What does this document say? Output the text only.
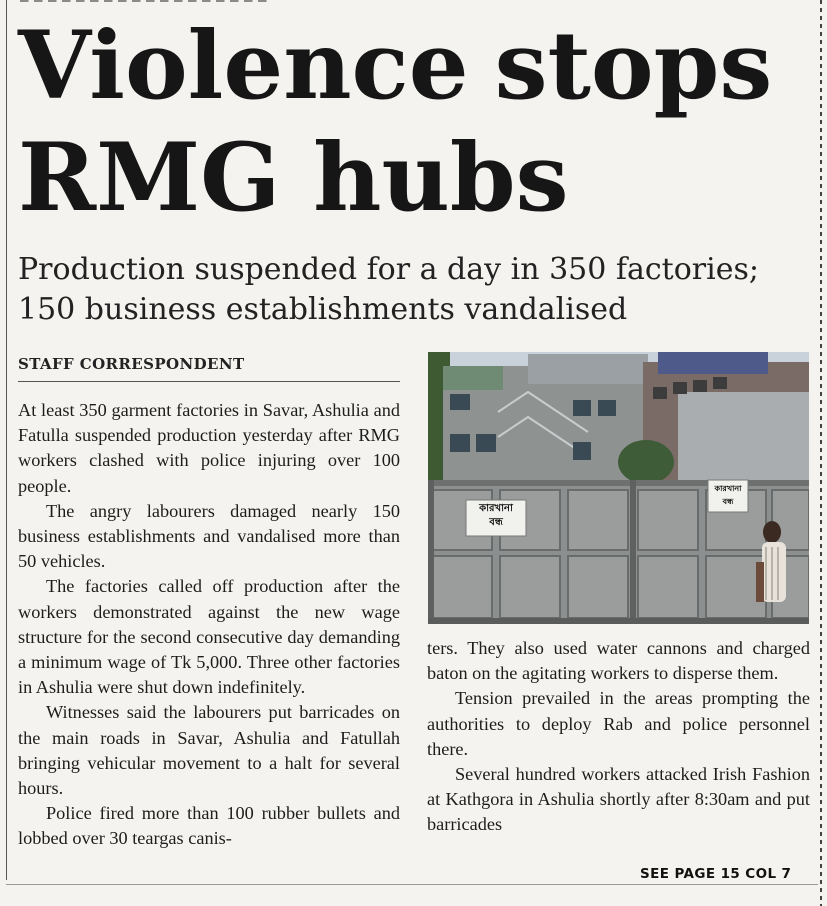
Violence stops
RMG hubs
Production suspended for a day in 350 factories;
150 business establishments vandalised
STAFF CORRESPONDENT

At least 350 garment factories in Savar, Ashulia and Fatulla suspended production yesterday after RMG workers clashed with police injuring over 100 people.

The angry labourers damaged nearly 150 business establishments and vandalised more than 50 vehicles.

The factories called off production after the workers demonstrated against the new wage structure for the second consecutive day demanding a minimum wage of Tk 5,000. Three other factories in Ashulia were shut down indefinitely.

Witnesses said the labourers put barricades on the main roads in Savar, Ashulia and Fatullah bringing vehicular movement to a halt for several hours.

Police fired more than 100 rubber bullets and lobbed over 30 teargas canis-

কারখানা
বন্ধ
কারখানা
বন্ধ

ters. They also used water cannons and charged baton on the agitating workers to disperse them.

Tension prevailed in the areas prompting the authorities to deploy Rab and police personnel there.

Several hundred workers attacked Irish Fashion at Kathgora in Ashulia shortly after 8:30am and put barricades

SEE PAGE 15 COL 7
